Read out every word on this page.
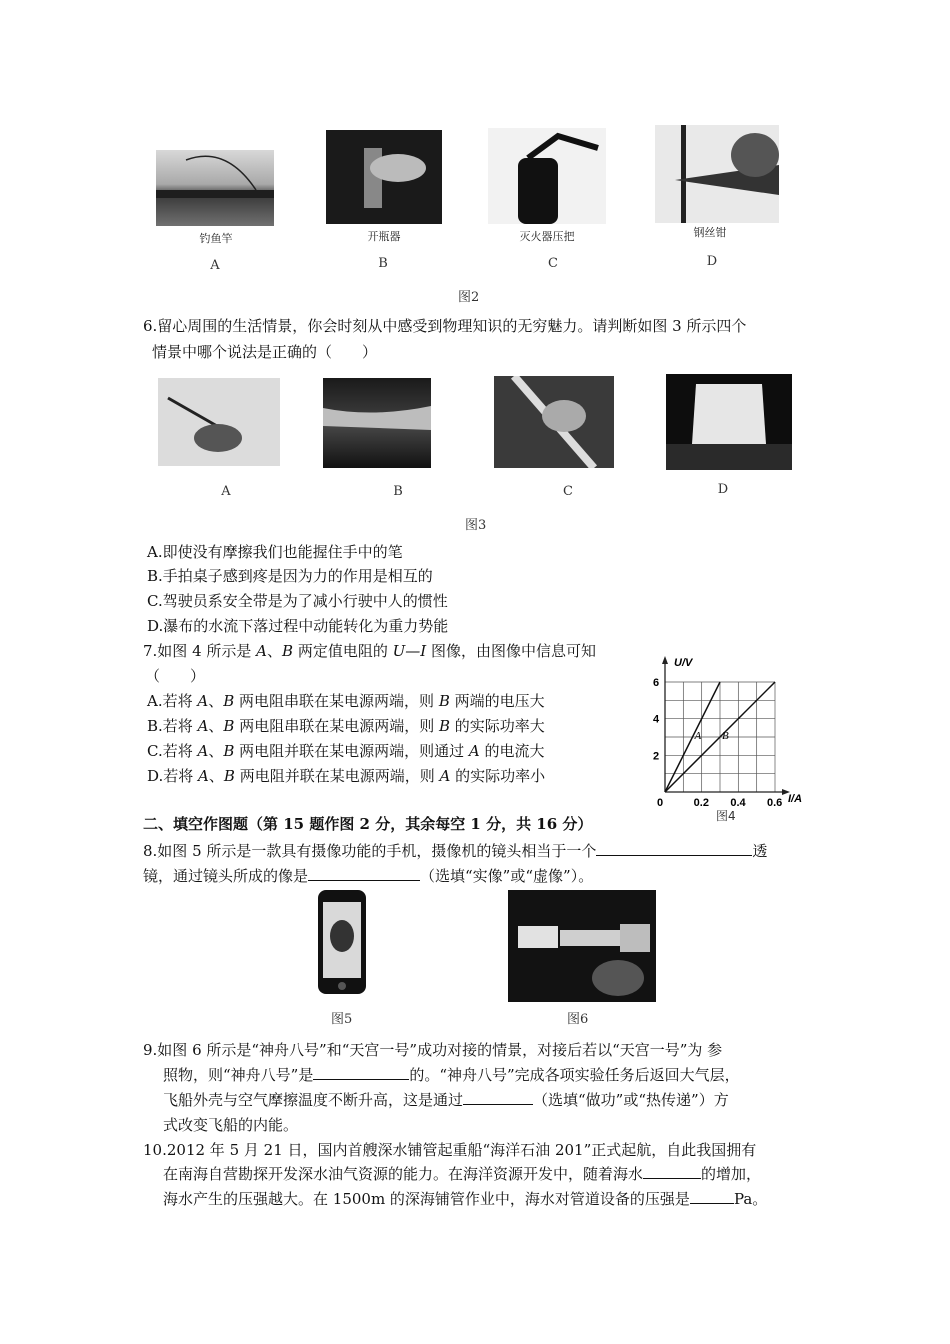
钓鱼竿	开瓶器	灭火器压把	钢丝钳
A	B	C	D
图2
6.留心周围的生活情景，你会时刻从中感受到物理知识的无穷魅力。请判断如图 3 所示四个
情景中哪个说法是正确的（　　）
A	B	C	D
图3
A.即使没有摩擦我们也能握住手中的笔
B.手拍桌子感到疼是因为力的作用是相互的
C.驾驶员系安全带是为了减小行驶中人的惯性
D.瀑布的水流下落过程中动能转化为重力势能
7.如图 4 所示是 A、B 两定值电阻的 U—I 图像，由图像中信息可知
（　　）
A.若将 A、B 两电阻串联在某电源两端，则 B 两端的电压大
B.若将 A、B 两电阻串联在某电源两端，则 B 的实际功率大
C.若将 A、B 两电阻并联在某电源两端，则通过 A 的电流大
D.若将 A、B 两电阻并联在某电源两端，则 A 的实际功率小
U/V
I/A
0	0.2 0.4 0.6
2
4
6
A B
图4
二、填空作图题（第 15 题作图 2 分，其余每空 1 分，共 16 分）
8.如图 5 所示是一款具有摄像功能的手机，摄像机的镜头相当于一个	透
镜，通过镜头所成的像是	（选填“实像”或“虚像”）。
图5	图6
9.如图 6 所示是“神舟八号”和“天宫一号”成功对接的情景，对接后若以“天宫一号”为 参
照物，则“神舟八号”是	的。“神舟八号”完成各项实验任务后返回大气层，
飞船外壳与空气摩擦温度不断升高，这是通过	（选填“做功”或“热传递”）方
式改变飞船的内能。
10.2012 年 5 月 21 日，国内首艘深水铺管起重船“海洋石油 201”正式起航，自此我国拥有
在南海自营勘探开发深水油气资源的能力。在海洋资源开发中，随着海水	的增加，
海水产生的压强越大。在 1500m 的深海铺管作业中，海水对管道设备的压强是	Pa。
